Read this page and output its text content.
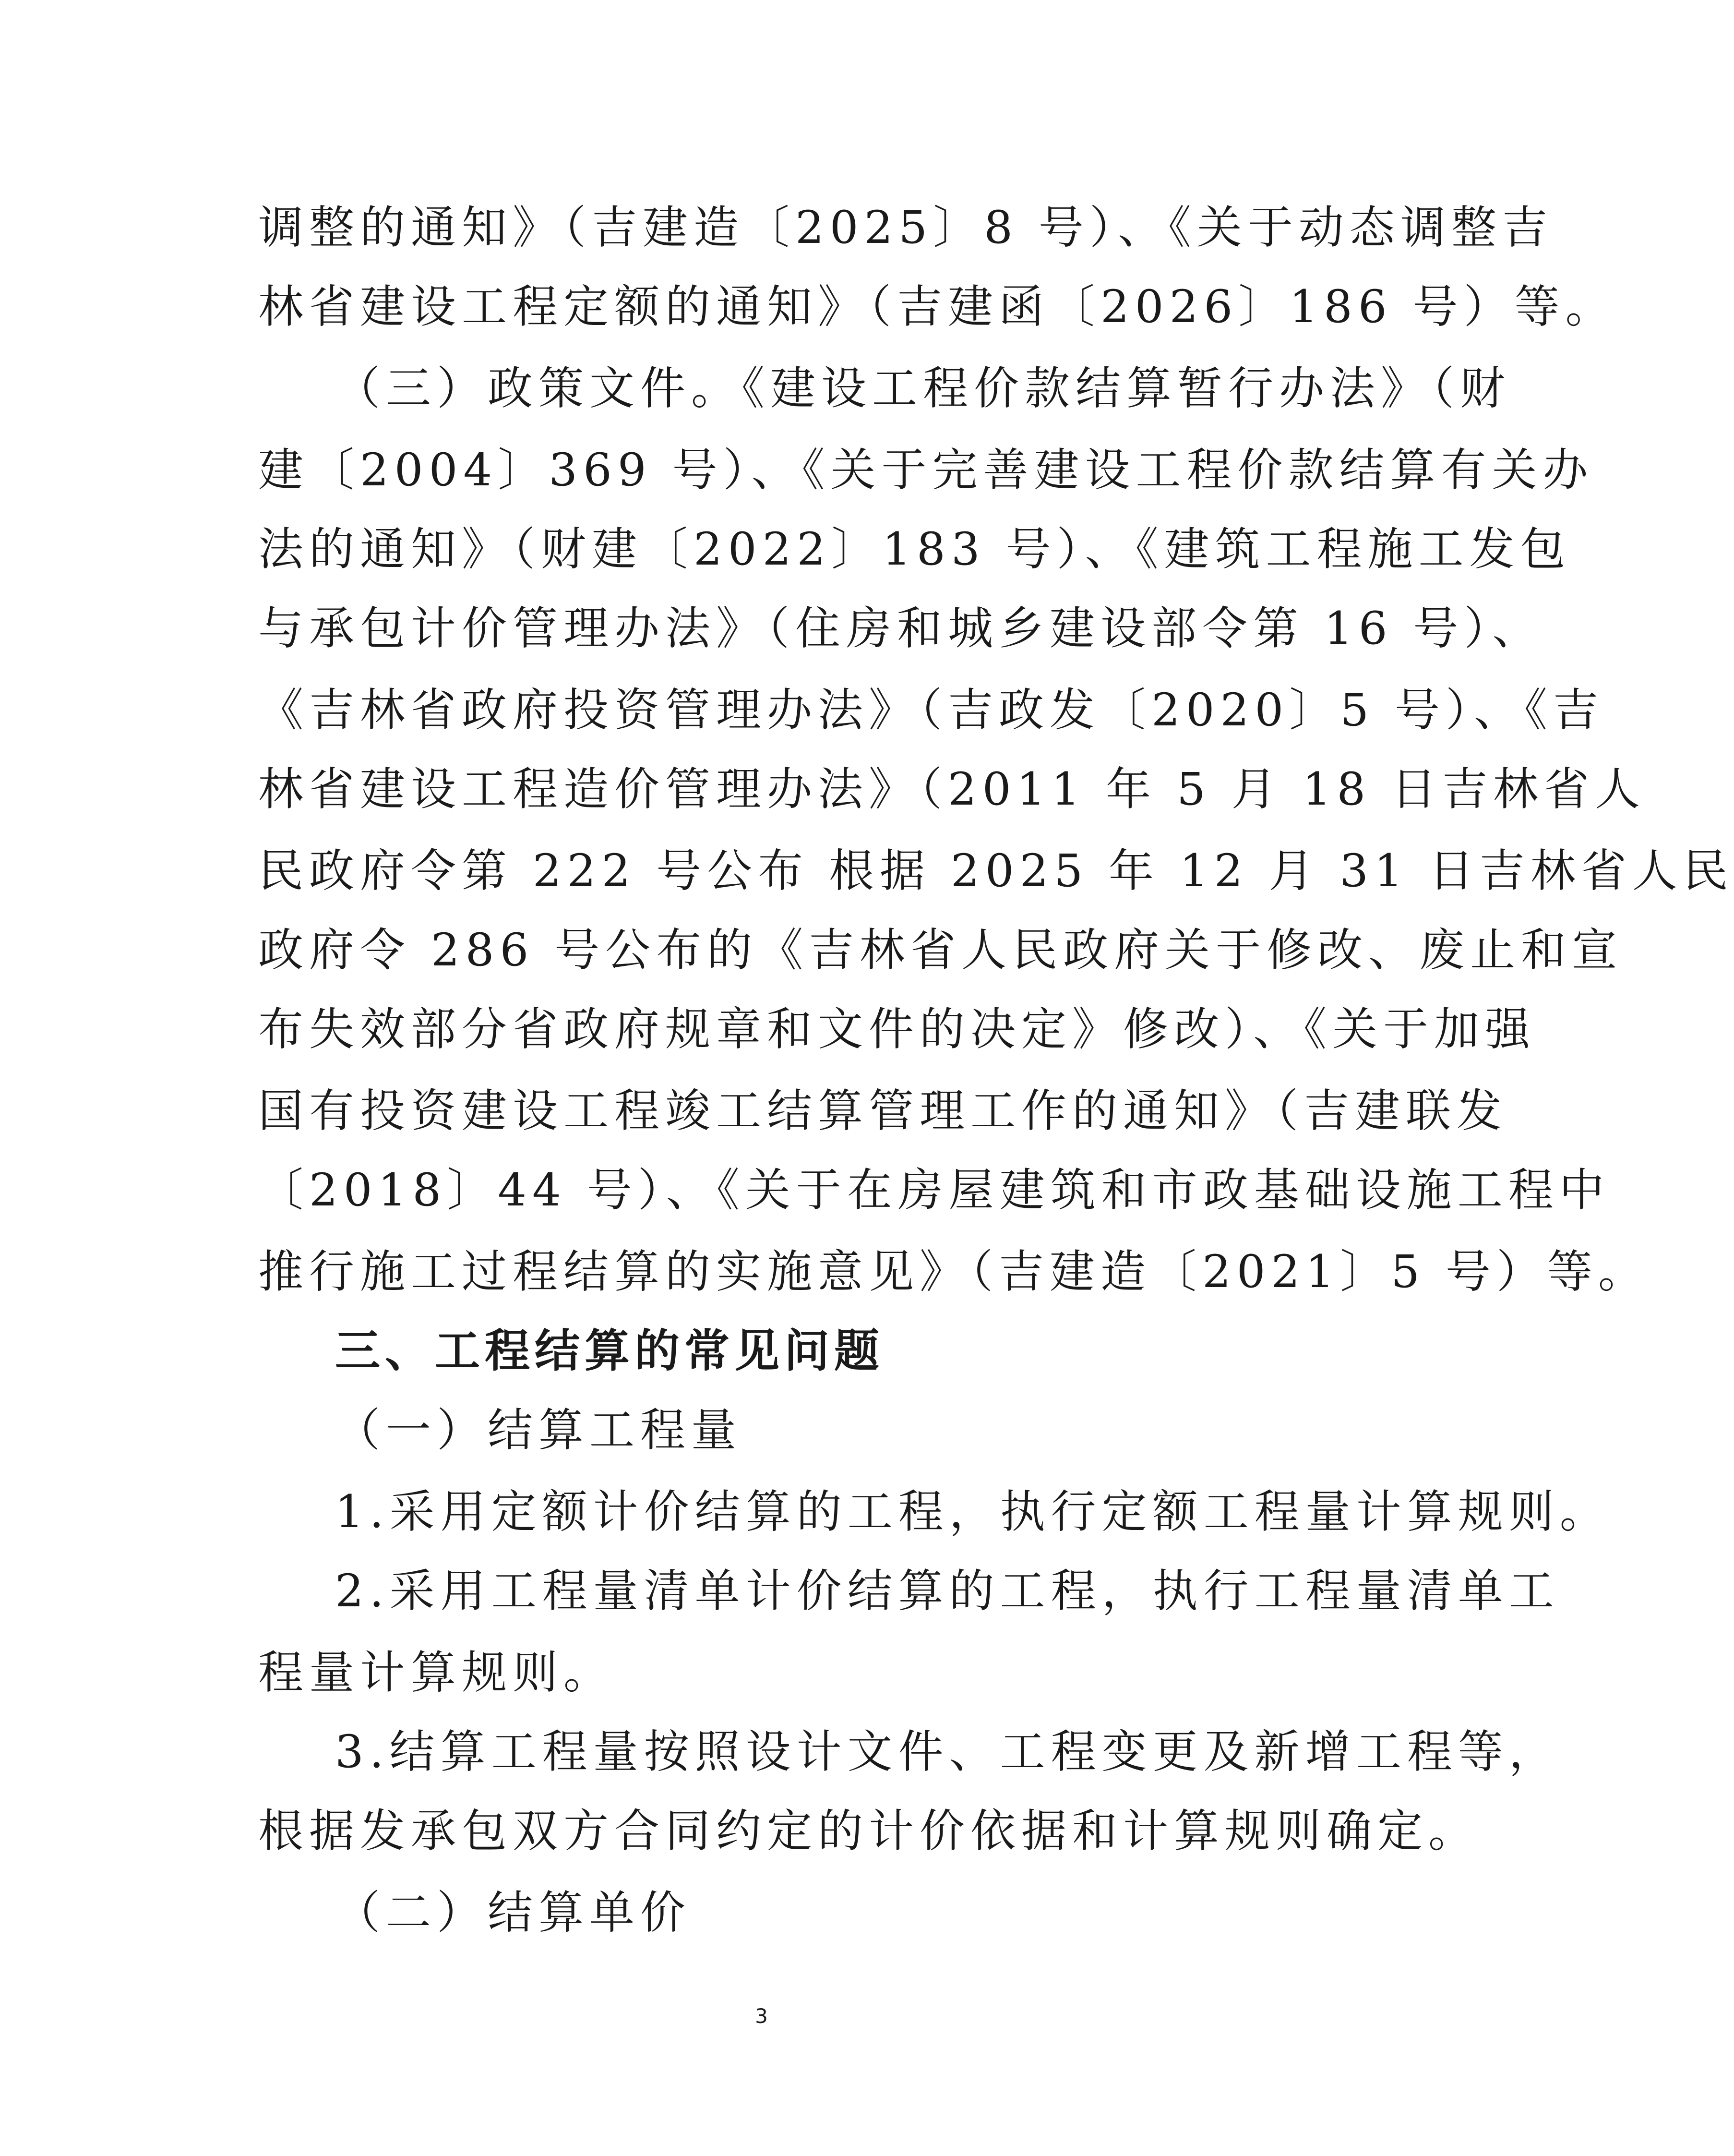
调整的通知》（吉建造〔2025〕8 号）、《关于动态调整吉
林省建设工程定额的通知》（吉建函〔2026〕186 号）等。
（三）政策文件。《建设工程价款结算暂行办法》（财
建〔2004〕369 号）、《关于完善建设工程价款结算有关办
法的通知》（财建〔2022〕183 号）、《建筑工程施工发包
与承包计价管理办法》（住房和城乡建设部令第 16 号）、
《吉林省政府投资管理办法》（吉政发〔2020〕5 号）、《吉
林省建设工程造价管理办法》（2011 年 5 月 18 日吉林省人
民政府令第 222 号公布 根据 2025 年 12 月 31 日吉林省人民
政府令 286 号公布的《吉林省人民政府关于修改、废止和宣
布失效部分省政府规章和文件的决定》修改）、《关于加强
国有投资建设工程竣工结算管理工作的通知》（吉建联发
〔2018〕44 号）、《关于在房屋建筑和市政基础设施工程中
推行施工过程结算的实施意见》（吉建造〔2021〕5 号）等。
三、工程结算的常见问题
（一）结算工程量
1.采用定额计价结算的工程，执行定额工程量计算规则。
2.采用工程量清单计价结算的工程，执行工程量清单工
程量计算规则。
3.结算工程量按照设计文件、工程变更及新增工程等，
根据发承包双方合同约定的计价依据和计算规则确定。
（二）结算单价
3
